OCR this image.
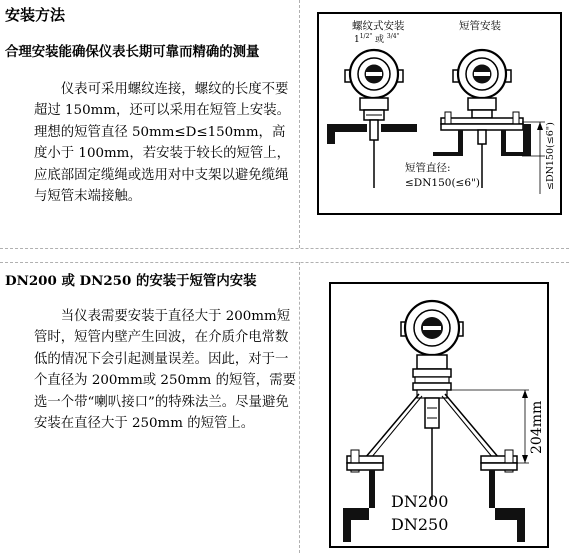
安装方法
合理安装能确保仪表长期可靠而精确的测量

仪表可采用螺纹连接，螺纹的长度不要超过 150mm，还可以采用在短管上安装。理想的短管直径 50mm≤D≤150mm，高度小于 100mm，若安装于较长的短管上，应底部固定缆绳或选用对中支架以避免缆绳与短管末端接触。

螺纹式安装
$1^{1/2"}$ 或 $^{3/4"}$
短管安装
短管直径:
≤DN150(≤6")	≤DN150(≤6")
DN200 或 DN250 的安装于短管内安装

当仪表需要安装于直径大于 200mm短管时，短管内壁产生回波，在介质介电常数低的情况下会引起测量误差。因此，对于一个直径为 200mm或 250mm 的短管，需要选一个带“喇叭接口”的特殊法兰。尽量避免安装在直径大于 250mm 的短管上。	204mm
DN200
DN250
